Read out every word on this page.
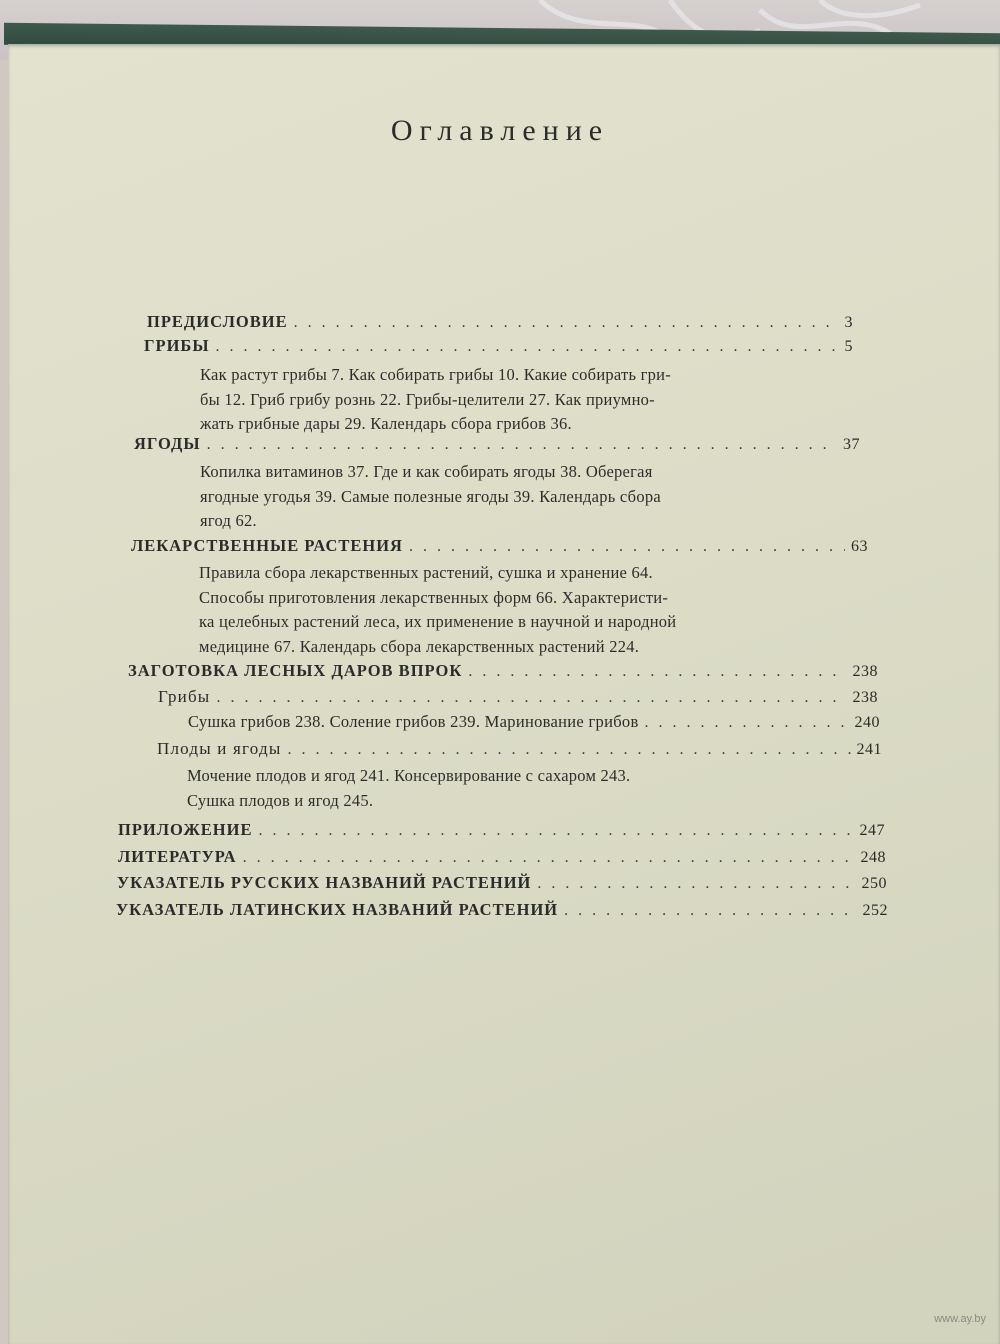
Оглавление
ПРЕДИСЛОВИЕ . . .	3
ГРИБЫ . . .	5
Как растут грибы 7. Как собирать грибы 10. Какие собирать гри-
бы 12. Гриб грибу рознь 22. Грибы-целители 27. Как приумно-
жать грибные дары 29. Календарь сбора грибов 36.
ЯГОДЫ . . .	37
Копилка витаминов 37. Где и как собирать ягоды 38. Оберегая
ягодные угодья 39. Самые полезные ягоды 39. Календарь сбора
ягод 62.
ЛЕКАРСТВЕННЫЕ РАСТЕНИЯ . . .	63
Правила сбора лекарственных растений, сушка и хранение 64.
Способы приготовления лекарственных форм 66. Характеристи-
ка целебных растений леса, их применение в научной и народной
медицине 67. Календарь сбора лекарственных растений 224.
ЗАГОТОВКА ЛЕСНЫХ ДАРОВ ВПРОК . . .	238
Грибы . . .	238
Сушка грибов 238. Соление грибов 239. Маринование грибов . . .	240
Плоды и ягоды . . .	241
Мочение плодов и ягод 241. Консервирование с сахаром 243.
Сушка плодов и ягод 245.
ПРИЛОЖЕНИЕ . . .	247
ЛИТЕРАТУРА . . .	248
УКАЗАТЕЛЬ РУССКИХ НАЗВАНИЙ РАСТЕНИЙ . . .	250
УКАЗАТЕЛЬ ЛАТИНСКИХ НАЗВАНИЙ РАСТЕНИЙ . . .	252
www.ay.by
